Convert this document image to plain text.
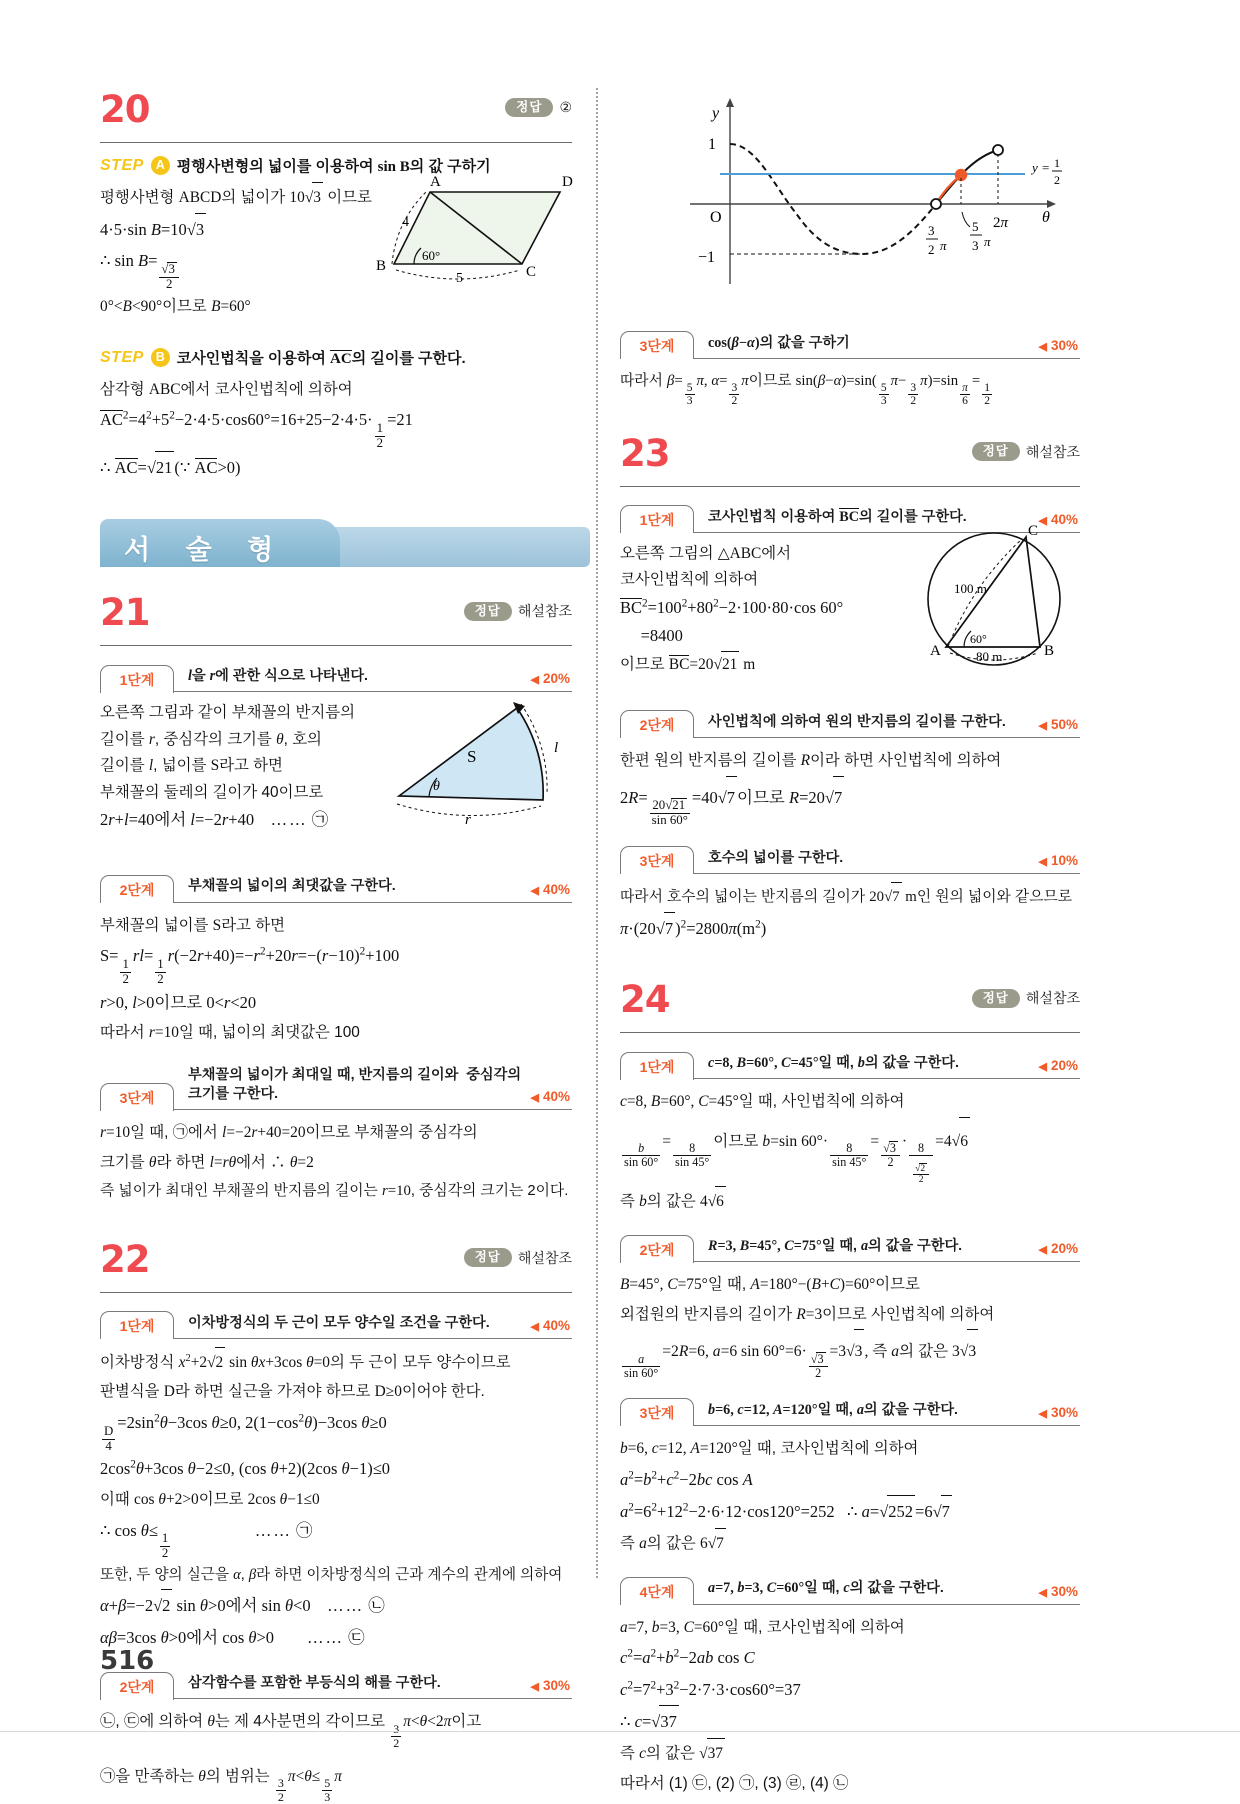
20	정답	②
STEP A 평행사변형의 넓이를 이용하여 sin B의 값 구하기
평행사변형 ABCD의 넓이가 10 √ 3 이므로
4·5·sin B=10 √ 3
∴ sin B=
√ $\frac{3}{2}$
0°<B<90°이므로 B=60°
A	D
B	C
4
5
60°
STEP B 코사인법칙을 이용하여 AC의 길이를 구한다.
삼각형 ABC에서 코사인법칙에 의하여
$AC^2=4^2+5^2-2\cdot 4\cdot 5\cdot\cos 60^\circ=16+25-2\cdot 4\cdot 5\cdot$
$\frac{1}{2}$
=21
∴ AC= √ 21 (∵ AC>0)
서 술 형
21	정답	해설참조
1단계	l을 r에 관한 식으로 나타낸다.	◀ 20%
오른쪽 그림과 같이 부채꼴의 반지름의
길이를 r, 중심각의 크기를 θ, 호의
길이를 l, 넓이를 S라고 하면
부채꼴의 둘레의 길이가 40이므로
2r+l=40에서 l=−2r+40    …… ㉠
S
θ
r
l
2단계	부채꼴의 넓이의 최댓값을 구한다.	◀ 40%
부채꼴의 넓이를 S라고 하면
S=
$\frac{1}{2}$
rl=
$\frac{1}{2}$
$r(-2r+40)=-r^2+20r=-(r-10)^2+100$
r>0, l>0이므로 0<r<20
따라서 r=10일 때, 넓이의 최댓값은 100
3단계
부채꼴의 넓이가 최대일 때, 반지름의 길이와  중심각의
크기를 구한다.	◀ 40%
r=10일 때, ㉠에서 l=−2r+40=20이므로 부채꼴의 중심각의
크기를 θ라 하면 l=rθ에서 ∴ θ=2
즉 넓이가 최대인 부채꼴의 반지름의 길이는 r=10, 중심각의 크기는 2이다.
22	정답	해설참조
1단계	이차방정식의 두 근이 모두 양수일 조건을 구한다.	◀ 40%
이차방정식 $x^2+2$ √ 2 sin θx+3cos θ=0의 두 근이 모두 양수이므로
판별식을 D라 하면 실근을 가져야 하므로 D≥0이어야 한다.
$\frac{D}{4}$
$=2\sin^2\theta-3\cos$ θ≥0, $2(1-\cos^2\theta)-3\cos$ θ≥0
$2\cos^2\theta+3\cos$ θ−2≤0, (cos θ+2)(2cos θ−1)≤0
이때 cos θ+2>0이므로 2cos θ−1≤0
∴ cos θ≤
$\frac{1}{2}$
…… ㉠
또한, 두 양의 실근을 α, β라 하면 이차방정식의 근과 계수의 관계에 의하여
α+β=−2 √ 2 sin θ>0에서 sin θ<0    …… ㉡
αβ=3cos θ>0에서 cos θ>0        …… ㉢
2단계	삼각함수를 포함한 부등식의 해를 구한다.	◀ 30%
㉡, ㉢에 의하여 θ는 제 4사분면의 각이므로
$\frac{3}{2}$
π<θ<2π이고
㉠을 만족하는 θ의 범위는
$\frac{3}{2}$
π<θ≤
$\frac{5}{3}$
π
y
θ
O
1
−1
y = 1
2
3
2 π
5
3 π
2π
3단계	cos(β−α)의 값을 구하기	◀ 30%
따라서 β=
$\frac{5}{3}$
π, α=
$\frac{3}{2}$
π이므로 sin(β−α)=sin(
$\frac{5}{3}$
π−
$\frac{3}{2}$
π)=sin
$\frac{\pi}{6}$
=
$\frac{1}{2}$
23	정답	해설참조
1단계	코사인법칙 이용하여 BC의 길이를 구한다.	◀ 40%
오른쪽 그림의 △ABC에서
코사인법칙에 의하여
$BC^2=100^2+80^2-2\cdot 100\cdot 80\cdot\cos$ 60°
=8400
이므로 BC=20 √ 21 m
C
A	B
100 m
80 m
60°
2단계	사인법칙에 의하여 원의 반지름의 길이를 구한다.	◀ 50%
한편 원의 반지름의 길이를 R이라 하면 사인법칙에 의하여
2R=
$\frac{20 √ 21}{\sin 60^\circ}$
=40 √ 7 이므로 R=20 √ 7
3단계	호수의 넓이를 구한다.	◀ 10%
따라서 호수의 넓이는 반지름의 길이가 20 √ 7 m인 원의 넓이와 같으므로
π·(20 √ 7 )$^2=2800\pi(m^2)$
24	정답	해설참조
1단계	c=8, B=60°, C=45°일 때, b의 값을 구한다.	◀ 20%
c=8, B=60°, C=45°일 때, 사인법칙에 의하여
$\frac{b}{\sin 60^\circ}$
=
$\frac{8}{\sin 45^\circ}$
이므로 b=sin 60°·
$\frac{8}{\sin 45^\circ}$
= √ $\frac{3}{2}$ ·
8
√ $\frac{2}{2}$
=4 √ 6
즉 b의 값은 4 √ 6
2단계	R=3, B=45°, C=75°일 때, a의 값을 구한다.	◀ 20%
B=45°, C=75°일 때, A=180°−(B+C)=60°이므로
외접원의 반지름의 길이가 R=3이므로 사인법칙에 의하여
$\frac{a}{\sin 60^\circ}$
=2R=6, a=6 sin 60°=6· √ $\frac{3}{2} =3$ √ 3 , 즉 a의 값은 3 √ 3
3단계	b=6, c=12, A=120°일 때, a의 값을 구한다.	◀ 30%
b=6, c=12, A=120°일 때, 코사인법칙에 의하여
$a^2=b^2+c^2-2bc$ cos A
$a^2=6^2+12^2-2\cdot 6\cdot 12\cdot\cos 120^\circ=252$   ∴ a= √ 252 =6 √ 7
즉 a의 값은 6 √ 7
4단계	a=7, b=3, C=60°일 때, c의 값을 구한다.	◀ 30%
a=7, b=3, C=60°일 때, 코사인법칙에 의하여
$c^2=a^2+b^2-2ab$ cos C
$c^2=7^2+3^2-2\cdot 7\cdot 3\cdot\cos 60^\circ=37$
∴ c= √ 37
즉 c의 값은 √ 37
따라서 (1) ㉢, (2) ㉠, (3) ㉣, (4) ㉡
516
